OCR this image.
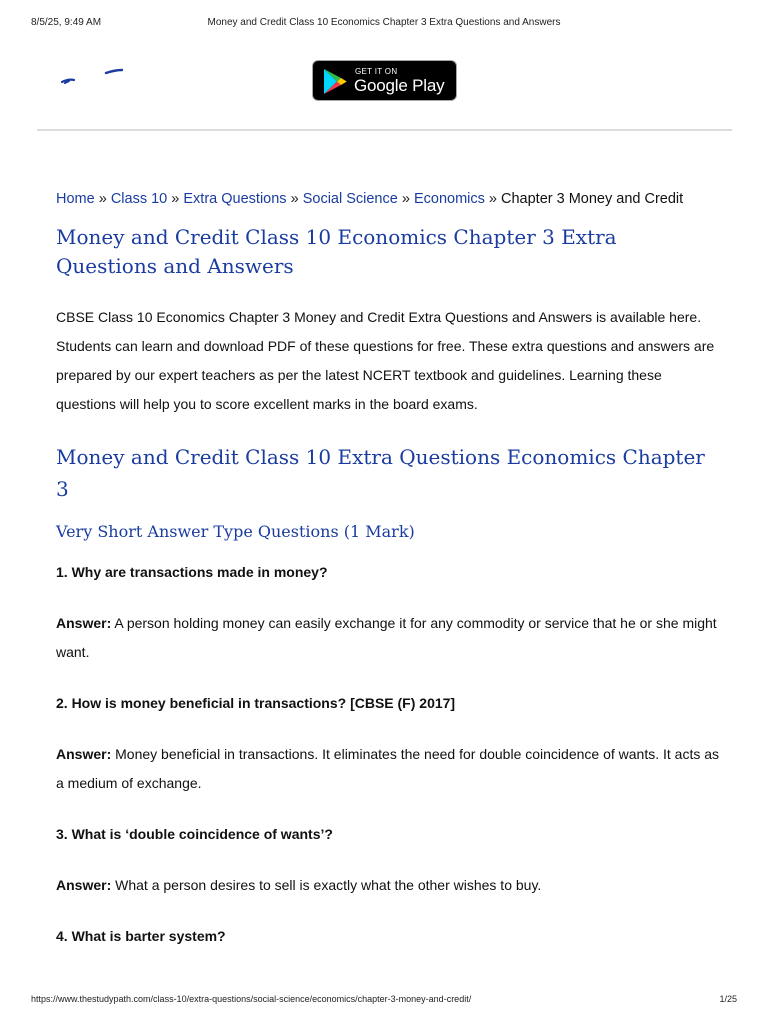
8/5/25, 9:49 AM	Money and Credit Class 10 Economics Chapter 3 Extra Questions and Answers
GET IT ON
Google Play

Home » Class 10 » Extra Questions » Social Science » Economics » Chapter 3 Money and Credit

Money and Credit Class 10 Economics Chapter 3 Extra Questions and Answers

CBSE Class 10 Economics Chapter 3 Money and Credit Extra Questions and Answers is available here. Students can learn and download PDF of these questions for free. These extra questions and answers are prepared by our expert teachers as per the latest NCERT textbook and guidelines. Learning these questions will help you to score excellent marks in the board exams.

Money and Credit Class 10 Extra Questions Economics Chapter 3
Very Short Answer Type Questions (1 Mark)

1. Why are transactions made in money?

Answer: A person holding money can easily exchange it for any commodity or service that he or she might want.

2. How is money beneficial in transactions? [CBSE (F) 2017]

Answer: Money beneficial in transactions. It eliminates the need for double coincidence of wants. It acts as a medium of exchange.

3. What is ‘double coincidence of wants’?

Answer: What a person desires to sell is exactly what the other wishes to buy.

4. What is barter system?

https://www.thestudypath.com/class-10/extra-questions/social-science/economics/chapter-3-money-and-credit/	1/25
